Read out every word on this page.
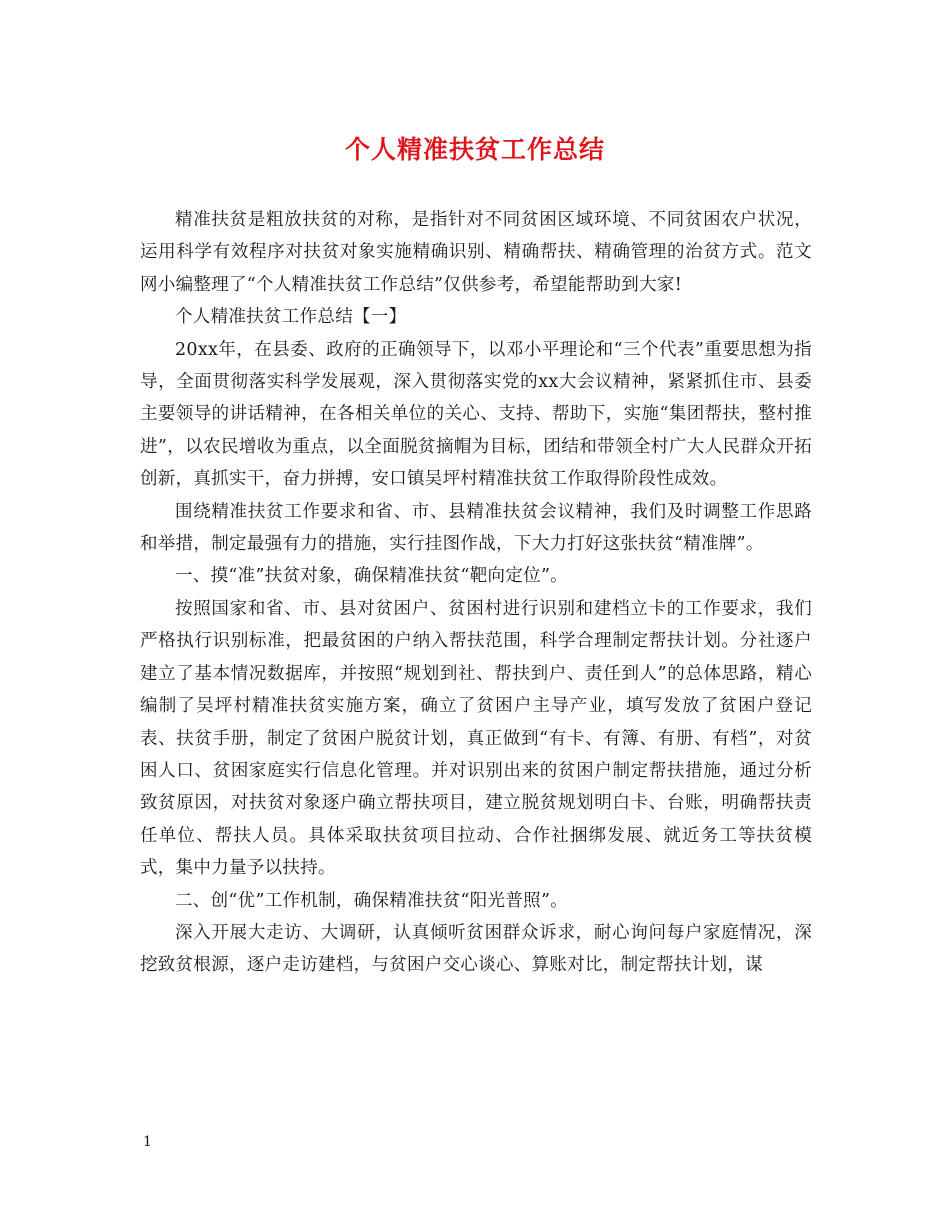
个人精准扶贫工作总结

精准扶贫是粗放扶贫的对称，是指针对不同贫困区域环境、不同贫困农户状况，运用科学有效程序对扶贫对象实施精确识别、精确帮扶、精确管理的治贫方式。范文网小编整理了“个人精准扶贫工作总结”仅供参考，希望能帮助到大家!

个人精准扶贫工作总结【一】

20xx年，在县委、政府的正确领导下，以邓小平理论和“三个代表”重要思想为指导，全面贯彻落实科学发展观，深入贯彻落实党的xx大会议精神，紧紧抓住市、县委主要领导的讲话精神，在各相关单位的关心、支持、帮助下，实施“集团帮扶，整村推进”，以农民增收为重点，以全面脱贫摘帽为目标，团结和带领全村广大人民群众开拓创新，真抓实干，奋力拼搏，安口镇吴坪村精准扶贫工作取得阶段性成效。

围绕精准扶贫工作要求和省、市、县精准扶贫会议精神，我们及时调整工作思路和举措，制定最强有力的措施，实行挂图作战，下大力打好这张扶贫“精准牌”。

一、摸“准”扶贫对象，确保精准扶贫“靶向定位”。

按照国家和省、市、县对贫困户、贫困村进行识别和建档立卡的工作要求，我们严格执行识别标准，把最贫困的户纳入帮扶范围，科学合理制定帮扶计划。分社逐户建立了基本情况数据库，并按照“规划到社、帮扶到户、责任到人”的总体思路，精心编制了吴坪村精准扶贫实施方案，确立了贫困户主导产业，填写发放了贫困户登记表、扶贫手册，制定了贫困户脱贫计划，真正做到“有卡、有簿、有册、有档”，对贫困人口、贫困家庭实行信息化管理。并对识别出来的贫困户制定帮扶措施，通过分析致贫原因，对扶贫对象逐户确立帮扶项目，建立脱贫规划明白卡、台账，明确帮扶责任单位、帮扶人员。具体采取扶贫项目拉动、合作社捆绑发展、就近务工等扶贫模式，集中力量予以扶持。

二、创“优”工作机制，确保精准扶贫“阳光普照”。

深入开展大走访、大调研，认真倾听贫困群众诉求，耐心询问每户家庭情况，深挖致贫根源，逐户走访建档，与贫困户交心谈心、算账对比，制定帮扶计划，谋

1
